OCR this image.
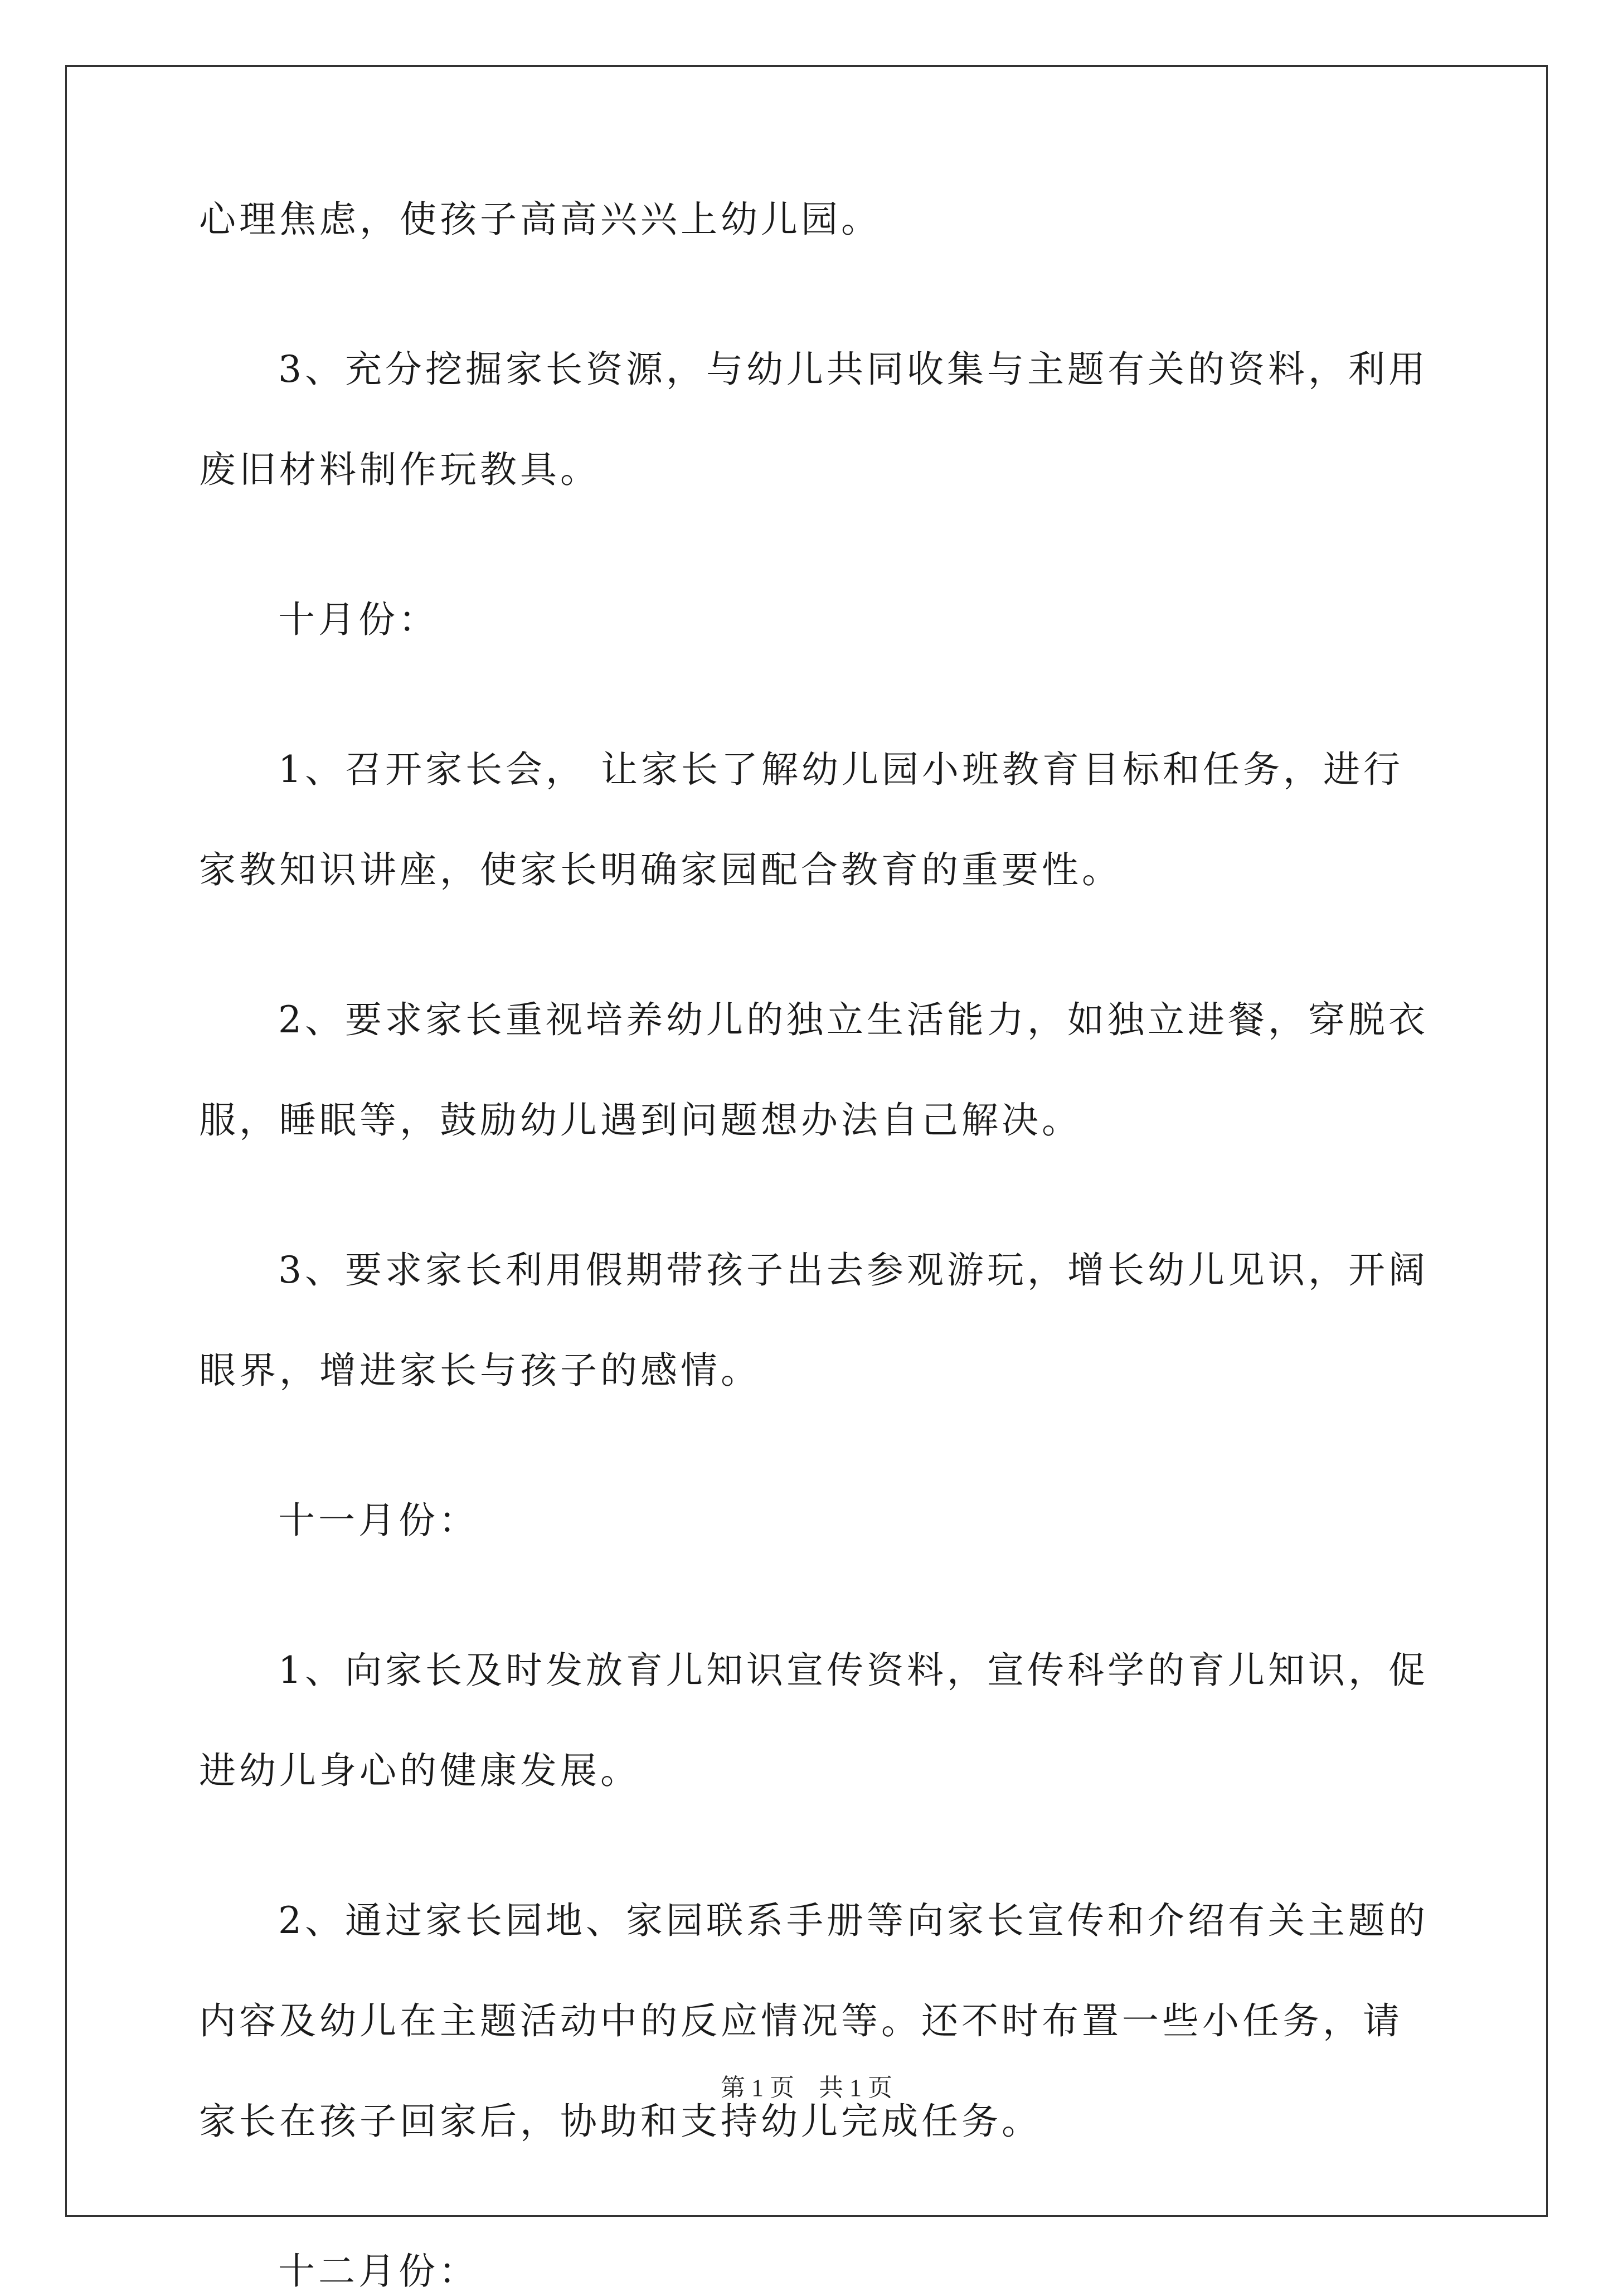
心理焦虑，使孩子高高兴兴上幼儿园。
3、充分挖掘家长资源，与幼儿共同收集与主题有关的资料，利用
废旧材料制作玩教具。
十月份：
1、召开家长会， 让家长了解幼儿园小班教育目标和任务，进行
家教知识讲座，使家长明确家园配合教育的重要性。
2、要求家长重视培养幼儿的独立生活能力，如独立进餐，穿脱衣
服，睡眠等，鼓励幼儿遇到问题想办法自己解决。
3、要求家长利用假期带孩子出去参观游玩，增长幼儿见识，开阔
眼界，增进家长与孩子的感情。
十一月份：
1、向家长及时发放育儿知识宣传资料，宣传科学的育儿知识，促
进幼儿身心的健康发展。
2、通过家长园地、家园联系手册等向家长宣传和介绍有关主题的
内容及幼儿在主题活动中的反应情况等。还不时布置一些小任务，请
家长在孩子回家后，协助和支持幼儿完成任务。
十二月份：
第 1 页　共 1 页
